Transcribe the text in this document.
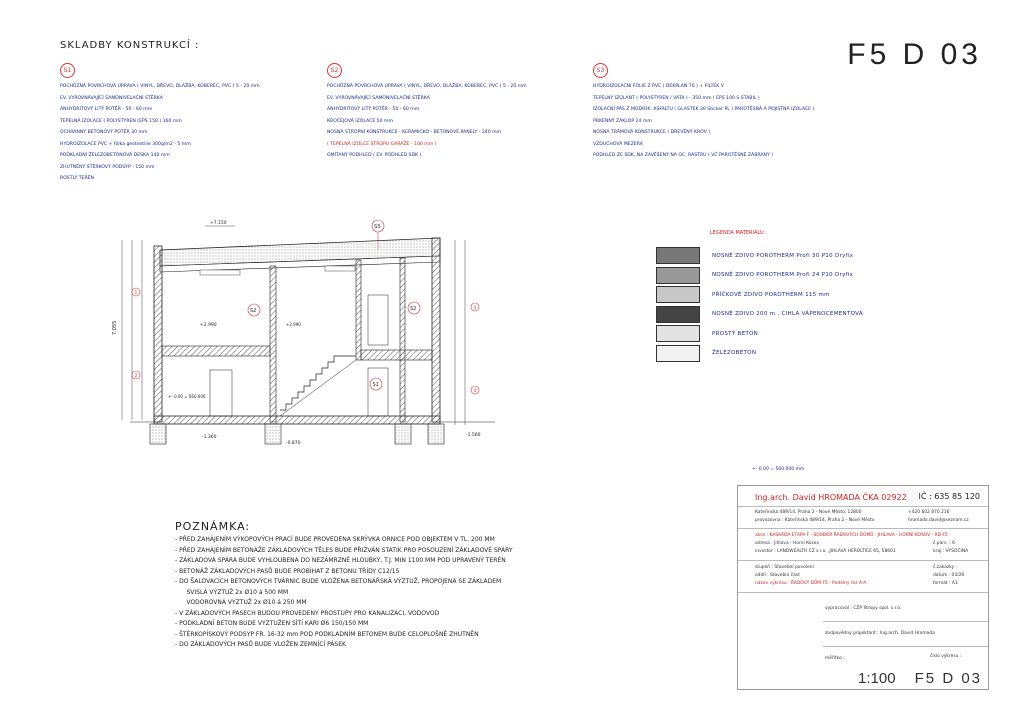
SKLADBY KONSTRUKCÍ :	F5 D 03
S1
POCHŮZNÁ POVRCHOVÁ ÚPRAVA ( VINYL, DŘEVO, DLAŽBA, KOBEREC, PVC ) 5 - 20 mm
EV. VYROVNÁVAJÍCÍ SAMONIVELAČNÍ STĚRKA
ANHYDRITOVÝ LITÝ POTĚR - 50 - 60 mm
TEPELNÁ IZOLACE ( POLYSTYREN (EPS 150 ) 160 mm
OCHRANNÝ BETONOVÝ POTĚR 30 mm
HYDROIZOLACE PVC + fólka geotextilie 300g/m2 - 5 mm
PODKLADNÍ ŽELEZOBETONOVÁ DESKA 140 mm
ZHUTNĚNÝ ŠTĚRKOVÝ PODSYP - 150 mm
ROSTLÝ TERÉN
S2
POCHŮZNÁ POVRCHOVÁ ÚPRAVA ( VINYL, DŘEVO, DLAŽBA, KOBEREC, PVC ) 5 - 20 mm
EV. VYROVNÁVAJÍCÍ SAMONIVELAČNÍ STĚRKA
ANHYDRITOVÝ LITÝ POTĚR - 50 - 60 mm
KROČEJOVÁ IZOLACE 50 mm
NOSNÁ STROPNÍ KONSTRUKCE - KERAMICKO - BETONOVÉ PANELY - 240 mm
( TEPELNÁ IZOLCE STROPU GARÁŽE - 100 mm )
OMÍTANÝ PODHLED ( EV. PODHLED SDK )
S3
HYDROIZOLAČNÍ FOLIE Z PVC ( DEKPLAN 76 ) + FILTEK V
TEPELNÝ IZOLANT ( POLYSTYREN / VATA ) - 350 mm ( EPS 100 S STABIL )
IZOLAČNÍ PÁS Z MODIFIK. ASFALTU ( GLASTEK 30 Sticker PL ) PAROTĚSNÁ A POJISTNÁ IZOLACE )
PRKENNÝ ZÁKLOP 24 mm
NOSNÁ TRÁMOVÁ KONSTRUKCE ( DŘEVĚNÝ KROV )
VZDUCHOVÁ MEZERA
PODHLED ZE SDK, NA ZAVĚŠENÝ NA OC. RASTRU ( VČ PAROTĚSNÉ ZÁBRANY )
7.055
1
2
3
4
S3
S2	S2
S1
+7.150
+2.990	+2.990
+- 0.00 = 560.000
-1.360	-1.560
-0.870
LEGENDA MATERIÁLU :
NOSNÉ ZDIVO POROTHERM Profi 30 P10 Dryfix
NOSNÉ ZDIVO POROTHERM Profi 24 P10 Dryfix
PŘÍČKOVÉ ZDIVO POROTHERM 115 mm
NOSNÉ ZDIVO 200 m , CIHLA VÁPENOCEMENTOVÁ
PROSTÝ BETON
ŽELEZOBETON
+- 0.00 = 560.000 mm
POZNÁMKA:
- PŘED ZAHÁJENÍM VÝKOPOVÝCH PRACÍ BUDE PROVEDENA SKRÝVKA ORNICE POD OBJEKTEM V TL. 200 MM
- PŘED ZAHÁJENÍM BETONÁŽE ZÁKLADOVÝCH TĚLES BUDE PŘIZVÁN STATIK PRO POSOUZENÍ ZÁKLADOVÉ SPÁRY
- ZÁKLADOVÁ SPÁRA BUDE VYHLOUBENA DO NEZÁMRZNÉ HLOUBKY, T.J. MIN 1100 MM POD UPRAVENÝ TERÉN
- BETONÁŽ ZÁKLADOVÝCH PASŮ BUDE PROBÍHAT Z BETONU TŘÍDY C12/15
- DO ŠALOVACÍCH BETONOVÝCH TVÁRNIC BUDE VLOŽENA BETONÁŘSKÁ VÝZTUŽ, PROPOJENA SE ZÁKLADEM
SVISLÁ VÝZTUŽ 2x Ø10 á 500 MM
VODOROVNÁ VÝZTUŽ 2x Ø10 á 250 MM
- V ZÁKLADOVÝCH PASECH BUDOU PROVEDENY PROSTUPY PRO KANALIZACI, VODOVOD
- PODKLADNÍ BETON BUDE VYZTUŽEN SÍTÍ KARI Ø6 150/150 MM
- ŠTĚRKOPÍSKOVÝ PODSYP FR. 16-32 mm POD PODKLADNÍM BETONEM BUDE CELOPLOŠNĚ ZHUTNĚN
- DO ZÁKLADOVÝCH PASŮ BUDE VLOŽEN ZEMNÍCÍ PÁSEK
Ing.arch. David HROMADA ČKA 02922 IČ : 635 85 120
Kateřinská 489/14, Praha 2 - Nové Město, 12800	+420 602 870 216
provozovna : Kateřinská 489/14, Praha 2 - Nové Město	hromada.david@seznam.cz
akce : KASKÁDA ETAPA F - SOUBOR ŘADOVÝCH DOMŮ - JIHLAVA - HORNÍ KOSOV - RD F5
adresa : Jihlava - Horní Kosov	č.parc. : 6
investor : LANDWEALTH CZ s.r.o. ,JIHLAVA HEROLTICE 65, 58601	kraj : VYSOČINA
stupeň : Stavební povolení	č.zakázky :
oddíl : Stavební část	datum : 03/26
název výkresu : ŘADOVÝ DŮM F5 - Podélný řez A-A	formát : A3
vypracoval : CZP Stropy spol. s.r.o.
zodpovědný projektant : Ing.arch. David Hromada
měřítko :	číslo výkresu :
1:100 F5 D 03
